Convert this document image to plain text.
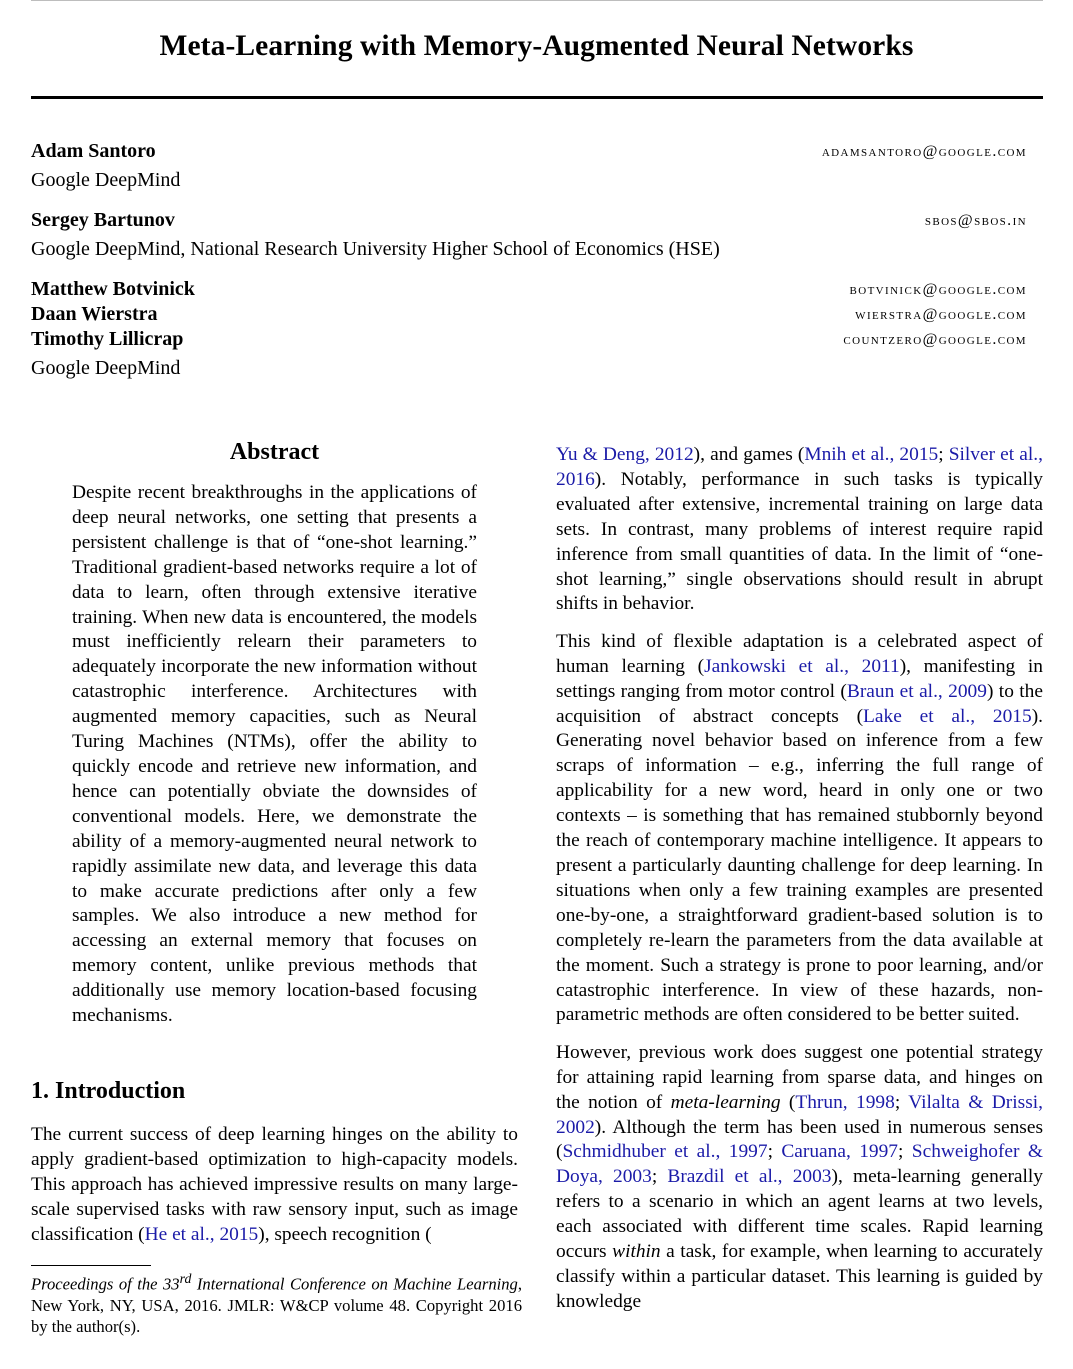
Meta-Learning with Memory-Augmented Neural Networks
Adam Santoro	adamsantoro@google.com
Google DeepMind
Sergey Bartunov	sbos@sbos.in
Google DeepMind, National Research University Higher School of Economics (HSE)
Matthew Botvinick	botvinick@google.com
Daan Wierstra	wierstra@google.com
Timothy Lillicrap	countzero@google.com
Google DeepMind
Abstract
Despite recent breakthroughs in the applications of deep neural networks, one setting that presents a persistent challenge is that of “one-shot learning.” Traditional gradient-based networks require a lot of data to learn, often through extensive iterative training. When new data is encountered, the models must inefficiently relearn their parameters to adequately incorporate the new information without catastrophic interference. Architectures with augmented memory capacities, such as Neural Turing Machines (NTMs), offer the ability to quickly encode and retrieve new information, and hence can potentially obviate the downsides of conventional models. Here, we demonstrate the ability of a memory-augmented neural network to rapidly assimilate new data, and leverage this data to make accurate predictions after only a few samples. We also introduce a new method for accessing an external memory that focuses on memory content, unlike previous methods that additionally use memory location-based focusing mechanisms.
1. Introduction
The current success of deep learning hinges on the ability to apply gradient-based optimization to high-capacity models. This approach has achieved impressive results on many large-scale supervised tasks with raw sensory input, such as image classification (He et al., 2015), speech recognition (
Proceedings of the 33rd International Conference on Machine Learning, New York, NY, USA, 2016. JMLR: W&CP volume 48. Copyright 2016 by the author(s).

Yu & Deng, 2012), and games (Mnih et al., 2015; Silver et al., 2016). Notably, performance in such tasks is typically evaluated after extensive, incremental training on large data sets. In contrast, many problems of interest require rapid inference from small quantities of data. In the limit of “one-shot learning,” single observations should result in abrupt shifts in behavior.

This kind of flexible adaptation is a celebrated aspect of human learning (Jankowski et al., 2011), manifesting in settings ranging from motor control (Braun et al., 2009) to the acquisition of abstract concepts (Lake et al., 2015). Generating novel behavior based on inference from a few scraps of information – e.g., inferring the full range of applicability for a new word, heard in only one or two contexts – is something that has remained stubbornly beyond the reach of contemporary machine intelligence. It appears to present a particularly daunting challenge for deep learning. In situations when only a few training examples are presented one-by-one, a straightforward gradient-based solution is to completely re-learn the parameters from the data available at the moment. Such a strategy is prone to poor learning, and/or catastrophic interference. In view of these hazards, non-parametric methods are often considered to be better suited.

However, previous work does suggest one potential strategy for attaining rapid learning from sparse data, and hinges on the notion of meta-learning (Thrun, 1998; Vilalta & Drissi, 2002). Although the term has been used in numerous senses (Schmidhuber et al., 1997; Caruana, 1997; Schweighofer & Doya, 2003; Brazdil et al., 2003), meta-learning generally refers to a scenario in which an agent learns at two levels, each associated with different time scales. Rapid learning occurs within a task, for example, when learning to accurately classify within a particular dataset. This learning is guided by knowledge
